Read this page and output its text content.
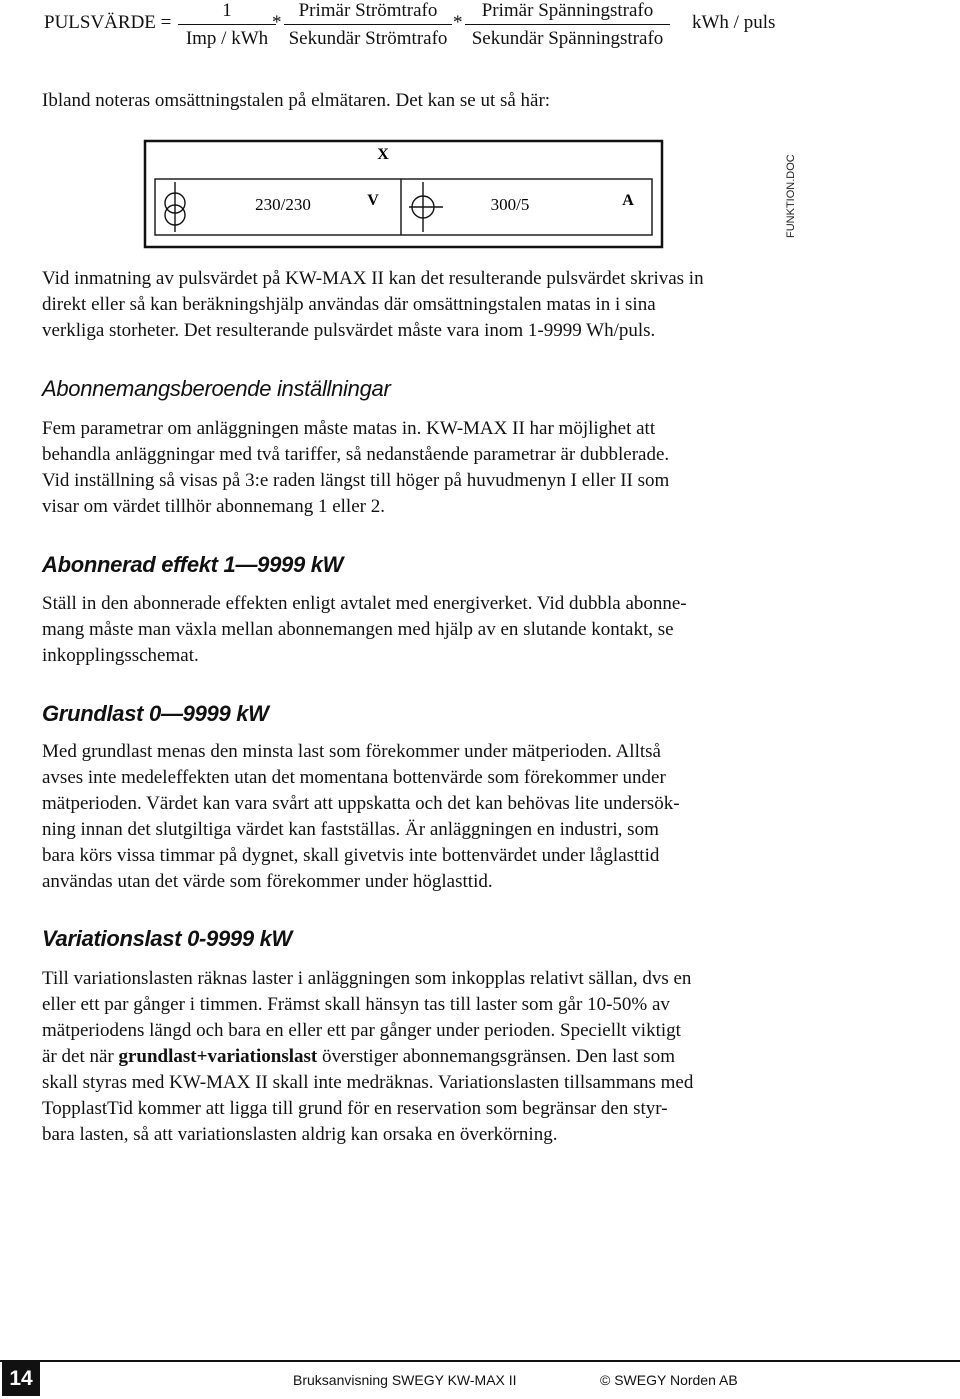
PULSVÄRDE =
1
Imp / kWh
*
Primär Strömtrafo
Sekundär Strömtrafo
*
Primär Spänningstrafo
Sekundär Spänningstrafo
kWh / puls

Ibland noteras omsättningstalen på elmätaren. Det kan se ut så här:

X
230/230	V	300/5	A	FUNKTION.DOC

Vid inmatning av pulsvärdet på KW-MAX II kan det resulterande pulsvärdet skrivas in

direkt eller så kan beräkningshjälp användas där omsättningstalen matas in i sina

verkliga storheter. Det resulterande pulsvärdet måste vara inom 1-9999 Wh/puls.

Abonnemangsberoende inställningar

Fem parametrar om anläggningen måste matas in. KW-MAX II har möjlighet att

behandla anläggningar med två tariffer, så nedanstående parametrar är dubblerade.

Vid inställning så visas på 3:e raden längst till höger på huvudmenyn I eller II som

visar om värdet tillhör abonnemang 1 eller 2.

Abonnerad effekt 1—9999 kW

Ställ in den abonnerade effekten enligt avtalet med energiverket. Vid dubbla abonne-

mang måste man växla mellan abonnemangen med hjälp av en slutande kontakt, se

inkopplingsschemat.

Grundlast 0—9999 kW

Med grundlast menas den minsta last som förekommer under mätperioden. Alltså

avses inte medeleffekten utan det momentana bottenvärde som förekommer under

mätperioden. Värdet kan vara svårt att uppskatta och det kan behövas lite undersök-

ning innan det slutgiltiga värdet kan fastställas. Är anläggningen en industri, som

bara körs vissa timmar på dygnet, skall givetvis inte bottenvärdet under låglasttid

användas utan det värde som förekommer under höglasttid.

Variationslast 0-9999 kW

Till variationslasten räknas laster i anläggningen som inkopplas relativt sällan, dvs en

eller ett par gånger i timmen. Främst skall hänsyn tas till laster som går 10-50% av

mätperiodens längd och bara en eller ett par gånger under perioden. Speciellt viktigt

är det när grundlast+variationslast överstiger abonnemangsgränsen. Den last som

skall styras med KW-MAX II skall inte medräknas. Variationslasten tillsammans med

TopplastTid kommer att ligga till grund för en reservation som begränsar den styr-

bara lasten, så att variationslasten aldrig kan orsaka en överkörning.

14	Bruksanvisning SWEGY KW-MAX II	© SWEGY Norden AB
